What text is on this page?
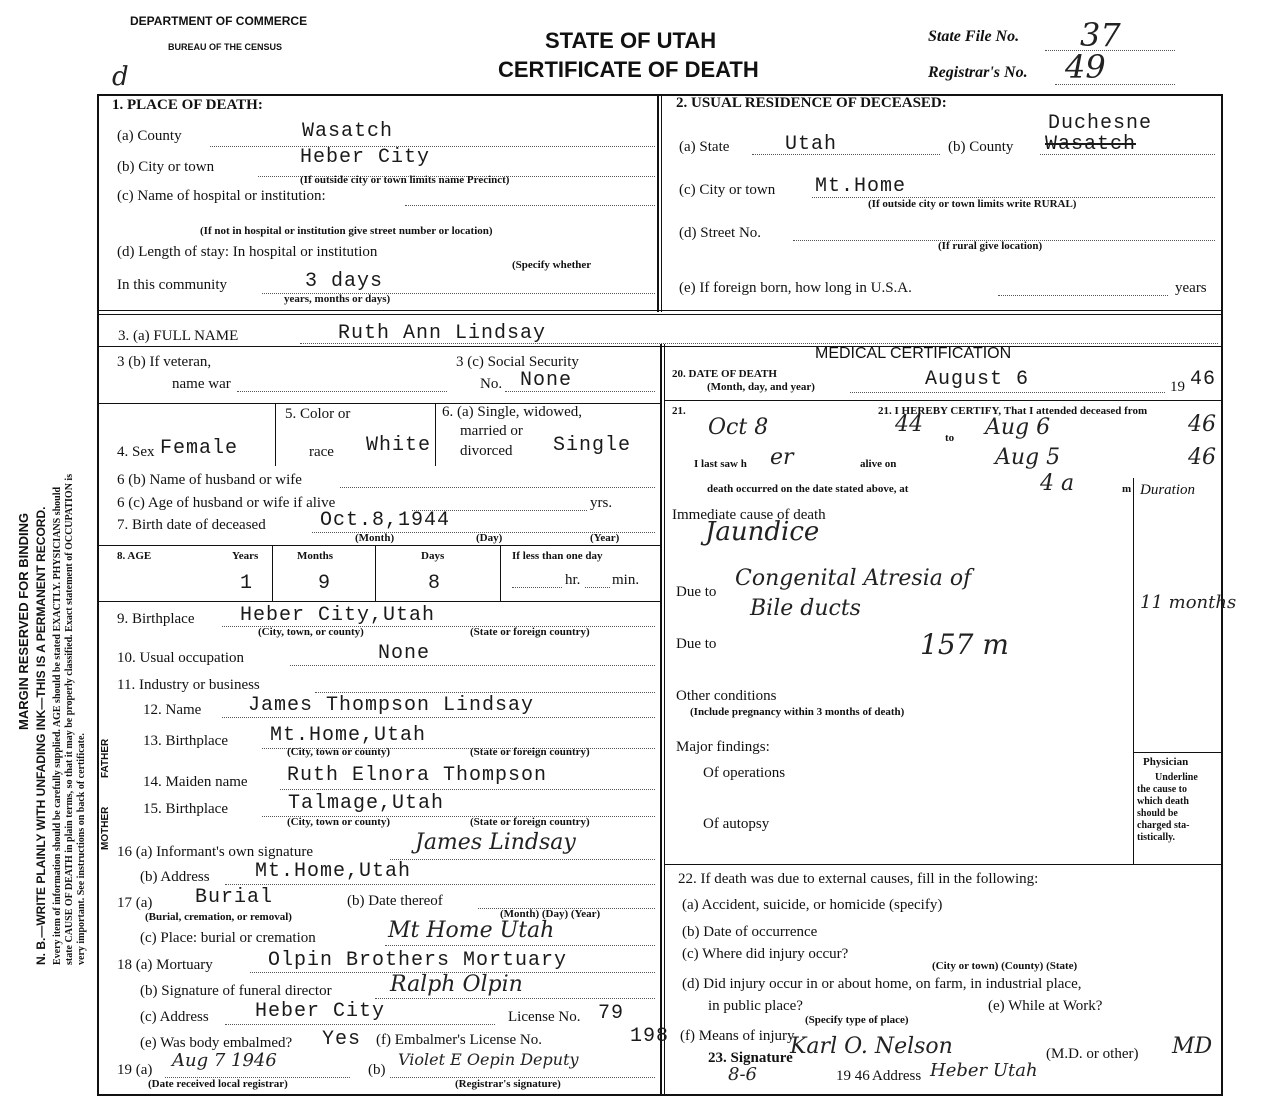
MARGIN RESERVED FOR BINDING N. B.—WRITE PLAINLY WITH UNFADING INK—THIS IS A PERMANENT RECORD. Every item of information should be carefully supplied. AGE should be stated EXACTLY. PHYSICIANS should state CAUSE OF DEATH in plain terms, so that it may be properly classified. Exact statement of OCCUPATION is very important. See instructions on back of certificate.
DEPARTMENT OF COMMERCE
BUREAU OF THE CENSUS
d
STATE OF UTAH
CERTIFICATE OF DEATH
State File No. 37
Registrar's No. 49
1. PLACE OF DEATH:
(a) County	Wasatch
(b) City or town	Heber City
(If outside city or town limits name Precinct)
(c) Name of hospital or institution:
(If not in hospital or institution give street number or location)
(d) Length of stay: In hospital or institution
(Specify whether
In this community	3 days
years, months or days)
2. USUAL RESIDENCE OF DECEASED:
Duchesne
(a) State	Utah	(b) County Wasatch
(c) City or town Mt.Home
(If outside city or town limits write RURAL)
(d) Street No.
(If rural give location)
(e) If foreign born, how long in U.S.A.	years
3. (a) FULL NAME	Ruth Ann Lindsay
3 (b) If veteran,
name war
3 (c) Social Security
No. None
5. Color or
race White
6. (a) Single, widowed,
married or
divorced Single
4. Sex Female
6 (b) Name of husband or wife
6 (c) Age of husband or wife if alive	yrs.
7. Birth date of deceased	Oct.8,1944
(Month)	(Day)	(Year)
8. AGE	Years	Months	Days	If less than one day
1	9	8	hr. min.
9. Birthplace Heber City,Utah
(City, town, or county)	(State or foreign country)
10. Usual occupation	None
11. Industry or business
FATHER
MOTHER
12. Name James Thompson Lindsay
13. Birthplace Mt.Home,Utah
(City, town or county)	(State or foreign country)
14. Maiden name Ruth Elnora Thompson
15. Birthplace	Talmage,Utah
(City, town or county)	(State or foreign country)
16 (a) Informant's own signature	James Lindsay
(b) Address Mt.Home,Utah
17 (a) Burial
(Burial, cremation, or removal)
(b) Date thereof
(Month) (Day) (Year)
(c) Place: burial or cremation	Mt Home Utah
18 (a) Mortuary	Olpin Brothers Mortuary
(b) Signature of funeral director	Ralph Olpin
(c) Address Heber City	License No. 79
(e) Was body embalmed? Yes (f) Embalmer's License No.	198
19 (a) Aug 7 1946
(Date received local registrar)
(b)
Violet E Oepin Deputy
(Registrar's signature)
MEDICAL CERTIFICATION
20. DATE OF DEATH
(Month, day, and year)	August 6	19 46
21.	21. I HEREBY CERTIFY, That I attended deceased from
Oct 8	44
to Aug 6	46
I last saw h er	alive on	Aug 5	46
death occurred on the date stated above, at	4 a	m Duration
Immediate cause of death
Jaundice
Due to
Congenital Atresia of
Bile ducts	11 months
Due to	157 m
Other conditions
(Include pregnancy within 3 months of death)
Major findings:
Of operations
Of autopsy
Physician
Underline
the cause to
which death
should be
charged sta-
tistically.
22. If death was due to external causes, fill in the following:
(a) Accident, suicide, or homicide (specify)
(b) Date of occurrence
(c) Where did injury occur?
(City or town) (County) (State)
(d) Did injury occur in or about home, on farm, in industrial place,
in public place?	(e) While at Work?
(Specify type of place)
(f) Means of injury
23. Signature
Karl O. Nelson	(M.D. or other) MD
8-6	19 46 Address Heber Utah
